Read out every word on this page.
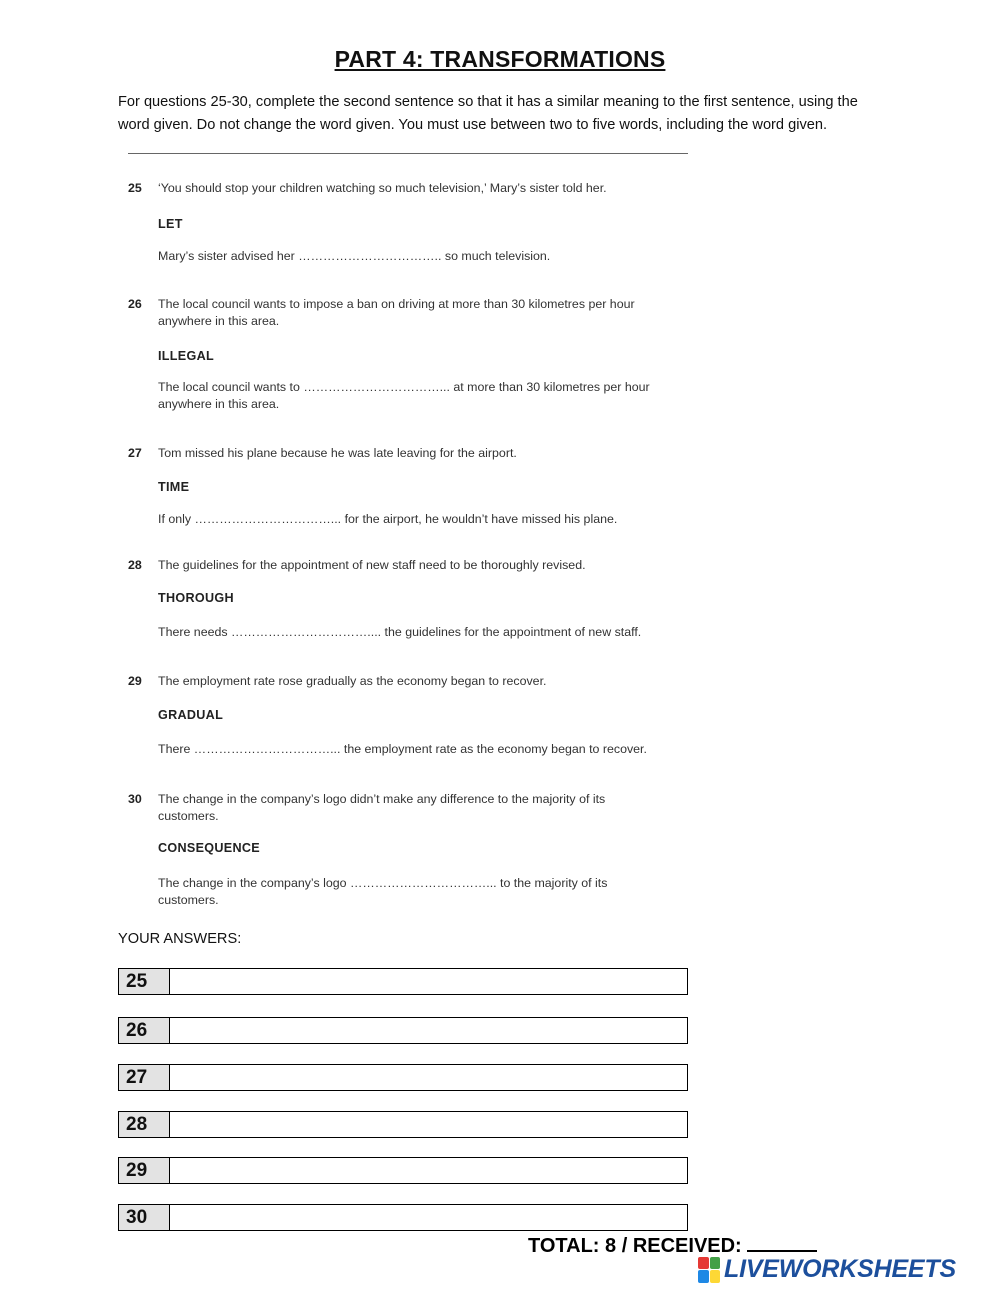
PART 4: TRANSFORMATIONS
For questions 25-30, complete the second sentence so that it has a similar meaning to the first sentence, using the word given. Do not change the word given. You must use between two to five words, including the word given.
25	‘You should stop your children watching so much television,’ Mary’s sister told her.
LET
Mary’s sister advised her …………………………….. so much television.
26	The local council wants to impose a ban on driving at more than 30 kilometres per hour anywhere in this area.
ILLEGAL
The local council wants to ……………………………... at more than 30 kilometres per hour anywhere in this area.
27	Tom missed his plane because he was late leaving for the airport.
TIME
If only ……………………………... for the airport, he wouldn’t have missed his plane.
28	The guidelines for the appointment of new staff need to be thoroughly revised.
THOROUGH
There needs …………………………….... the guidelines for the appointment of new staff.
29	The employment rate rose gradually as the economy began to recover.
GRADUAL
There ……………………………... the employment rate as the economy began to recover.
30	The change in the company’s logo didn’t make any difference to the majority of its customers.
CONSEQUENCE
The change in the company’s logo ……………………………... to the majority of its customers.
YOUR ANSWERS:
25
26
27
28
29
30
TOTAL: 8 / RECEIVED:
LIVEWORKSHEETS
